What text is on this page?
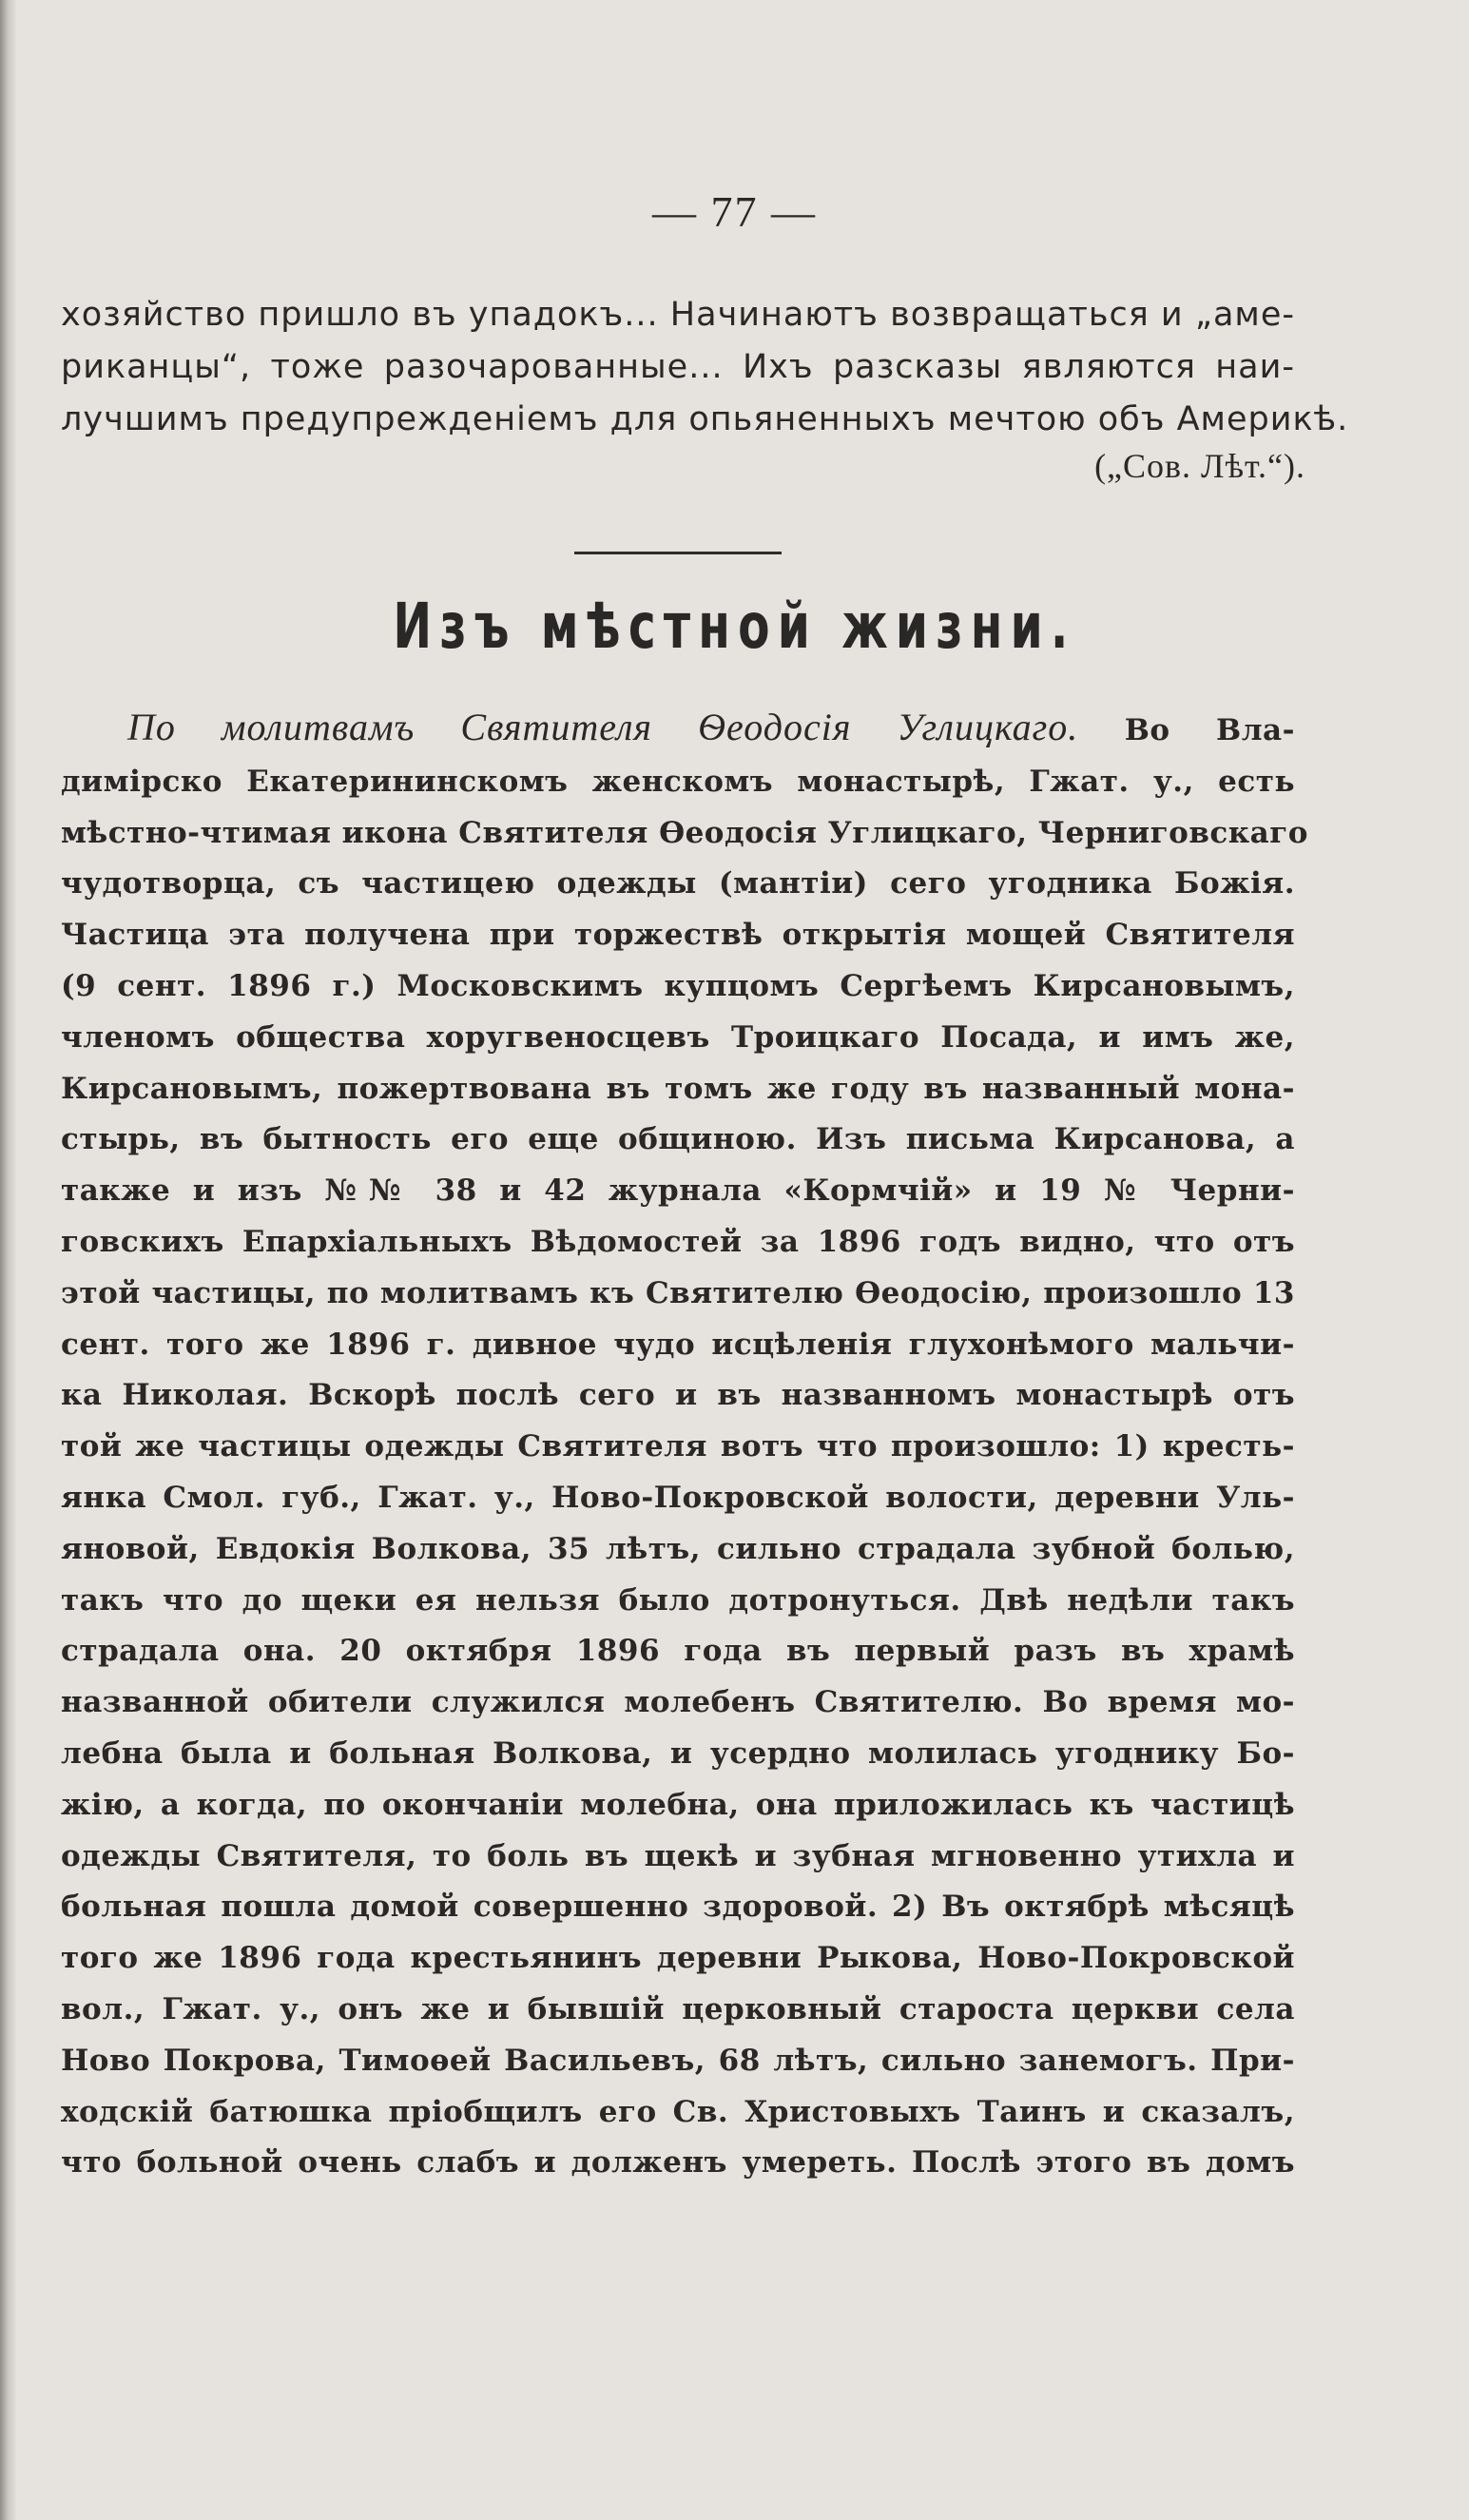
— 77 —
хозяйство пришло въ упадокъ... Начинаютъ возвращаться и „аме-
риканцы“, тоже разочарованные... Ихъ разсказы являются наи-
лучшимъ предупрежденіемъ для опьяненныхъ мечтою объ Америкѣ.
(„Сов. Лѣт.“).
Изъ мѣстной жизни.
По молитвамъ Святителя Ѳеодосія Углицкаго. Во Вла-
димірско Екатерининскомъ женскомъ монастырѣ, Гжат. у., есть
мѣстно-чтимая икона Святителя Ѳеодосія Углицкаго, Черниговскаго
чудотворца, съ частицею одежды (мантіи) сего угодника Божія.
Частица эта получена при торжествѣ открытія мощей Святителя
(9 сент. 1896 г.) Московскимъ купцомъ Сергѣемъ Кирсановымъ,
членомъ общества хоругвеносцевъ Троицкаго Посада, и имъ же,
Кирсановымъ, пожертвована въ томъ же году въ названный мона-
стырь, въ бытность его еще общиною. Изъ письма Кирсанова, а
также и изъ №№ 38 и 42 журнала «Кормчій» и 19 № Черни-
говскихъ Епархіальныхъ Вѣдомостей за 1896 годъ видно, что отъ
этой частицы, по молитвамъ къ Святителю Ѳеодосію, произошло 13
сент. того же 1896 г. дивное чудо исцѣленія глухонѣмого мальчи-
ка Николая. Вскорѣ послѣ сего и въ названномъ монастырѣ отъ
той же частицы одежды Святителя вотъ что произошло: 1) кресть-
янка Смол. губ., Гжат. у., Ново-Покровской волости, деревни Уль-
яновой, Евдокія Волкова, 35 лѣтъ, сильно страдала зубной болью,
такъ что до щеки ея нельзя было дотронуться. Двѣ недѣли такъ
страдала она. 20 октября 1896 года въ первый разъ въ храмѣ
названной обители служился молебенъ Святителю. Во время мо-
лебна была и больная Волкова, и усердно молилась угоднику Бо-
жію, а когда, по окончаніи молебна, она приложилась къ частицѣ
одежды Святителя, то боль въ щекѣ и зубная мгновенно утихла и
больная пошла домой совершенно здоровой. 2) Въ октябрѣ мѣсяцѣ
того же 1896 года крестьянинъ деревни Рыкова, Ново-Покровской
вол., Гжат. у., онъ же и бывшій церковный староста церкви села
Ново Покрова, Тимоѳей Васильевъ, 68 лѣтъ, сильно занемогъ. При-
ходскій батюшка пріобщилъ его Св. Христовыхъ Таинъ и сказалъ,
что больной очень слабъ и долженъ умереть. Послѣ этого въ домъ
